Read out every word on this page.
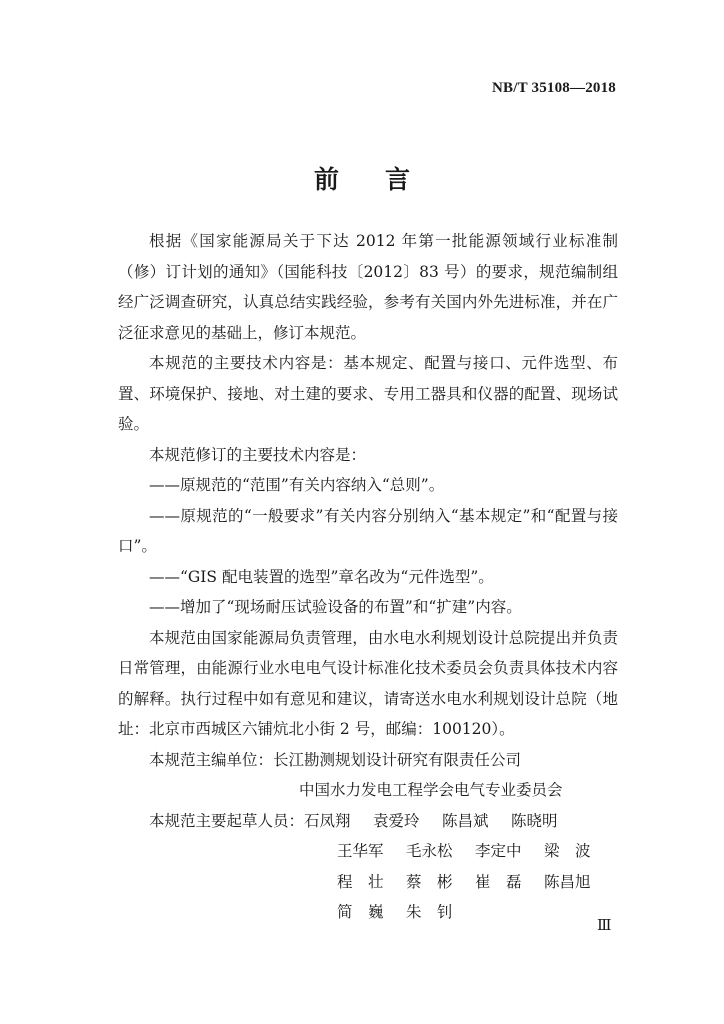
NB/T 35108—2018
前言

根据《国家能源局关于下达 2012 年第一批能源领域行业标准制（修）订计划的通知》（国能科技〔2012〕83 号）的要求，规范编制组经广泛调查研究，认真总结实践经验，参考有关国内外先进标准，并在广泛征求意见的基础上，修订本规范。

本规范的主要技术内容是：基本规定、配置与接口、元件选型、布置、环境保护、接地、对土建的要求、专用工器具和仪器的配置、现场试验。

本规范修订的主要技术内容是：

——原规范的“范围”有关内容纳入“总则”。

——原规范的“一般要求”有关内容分别纳入“基本规定”和“配置与接口”。

——“GIS 配电装置的选型”章名改为“元件选型”。

——增加了“现场耐压试验设备的布置”和“扩建”内容。

本规范由国家能源局负责管理，由水电水利规划设计总院提出并负责日常管理，由能源行业水电电气设计标准化技术委员会负责具体技术内容的解释。执行过程中如有意见和建议，请寄送水电水利规划设计总院（地址：北京市西城区六铺炕北小街 2 号，邮编：100120）。

本规范主编单位： 长江勘测规划设计研究有限责任公司
中国水力发电工程学会电气专业委员会
本规范主要起草人员： 石凤翔	袁爱玲	陈昌斌	陈晓明
王华军	毛永松	李定中	梁　波
程　壮	蔡　彬	崔　磊	陈昌旭
简　巍	朱　钊
Ⅲ
